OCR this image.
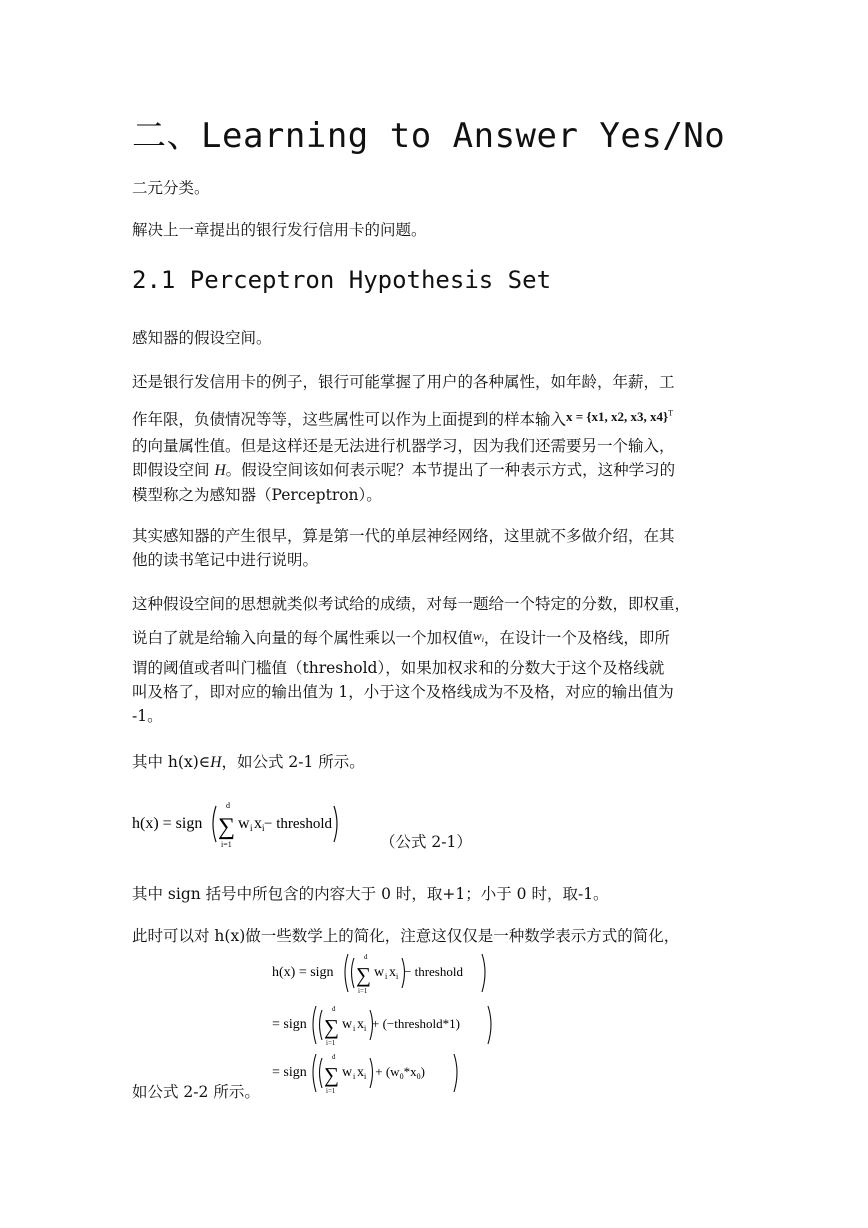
二、Learning to Answer Yes/No
二元分类。
解决上一章提出的银行发行信用卡的问题。
2.1 Perceptron Hypothesis Set
感知器的假设空间。
还是银行发信用卡的例子，银行可能掌握了用户的各种属性，如年龄，年薪，工
作年限，负债情况等等，这些属性可以作为上面提到的样本输入x = {x1, x2, x3, x4}$^T$
的向量属性值。但是这样还是无法进行机器学习，因为我们还需要另一个输入，
即假设空间 H。假设空间该如何表示呢？本节提出了一种表示方式，这种学习的
模型称之为感知器（Perceptron）。
其实感知器的产生很早，算是第一代的单层神经网络，这里就不多做介绍，在其
他的读书笔记中进行说明。
这种假设空间的思想就类似考试给的成绩，对每一题给一个特定的分数，即权重，
说白了就是给输入向量的每个属性乘以一个加权值$w_i$，在设计一个及格线，即所
谓的阈值或者叫门槛值（threshold），如果加权求和的分数大于这个及格线就
叫及格了，即对应的输出值为 1，小于这个及格线成为不及格，对应的输出值为
-1。
其中 h(x)∈H，如公式 2-1 所示。
h(x) = sign
d
∑
i=1
w i x i − threshold
（公式 2-1）
其中 sign 括号中所包含的内容大于 0 时，取+1；小于 0 时，取-1。
此时可以对 h(x)做一些数学上的简化，注意这仅仅是一种数学表示方式的简化，
h(x) = sign
d
∑
i=1
w i x i − threshold
= sign
d
∑
i=1
w i x i + (−threshold*1)
= sign
d
∑
i=1
w i x $i + (w_0*x_0)$
如公式 2-2 所示。
